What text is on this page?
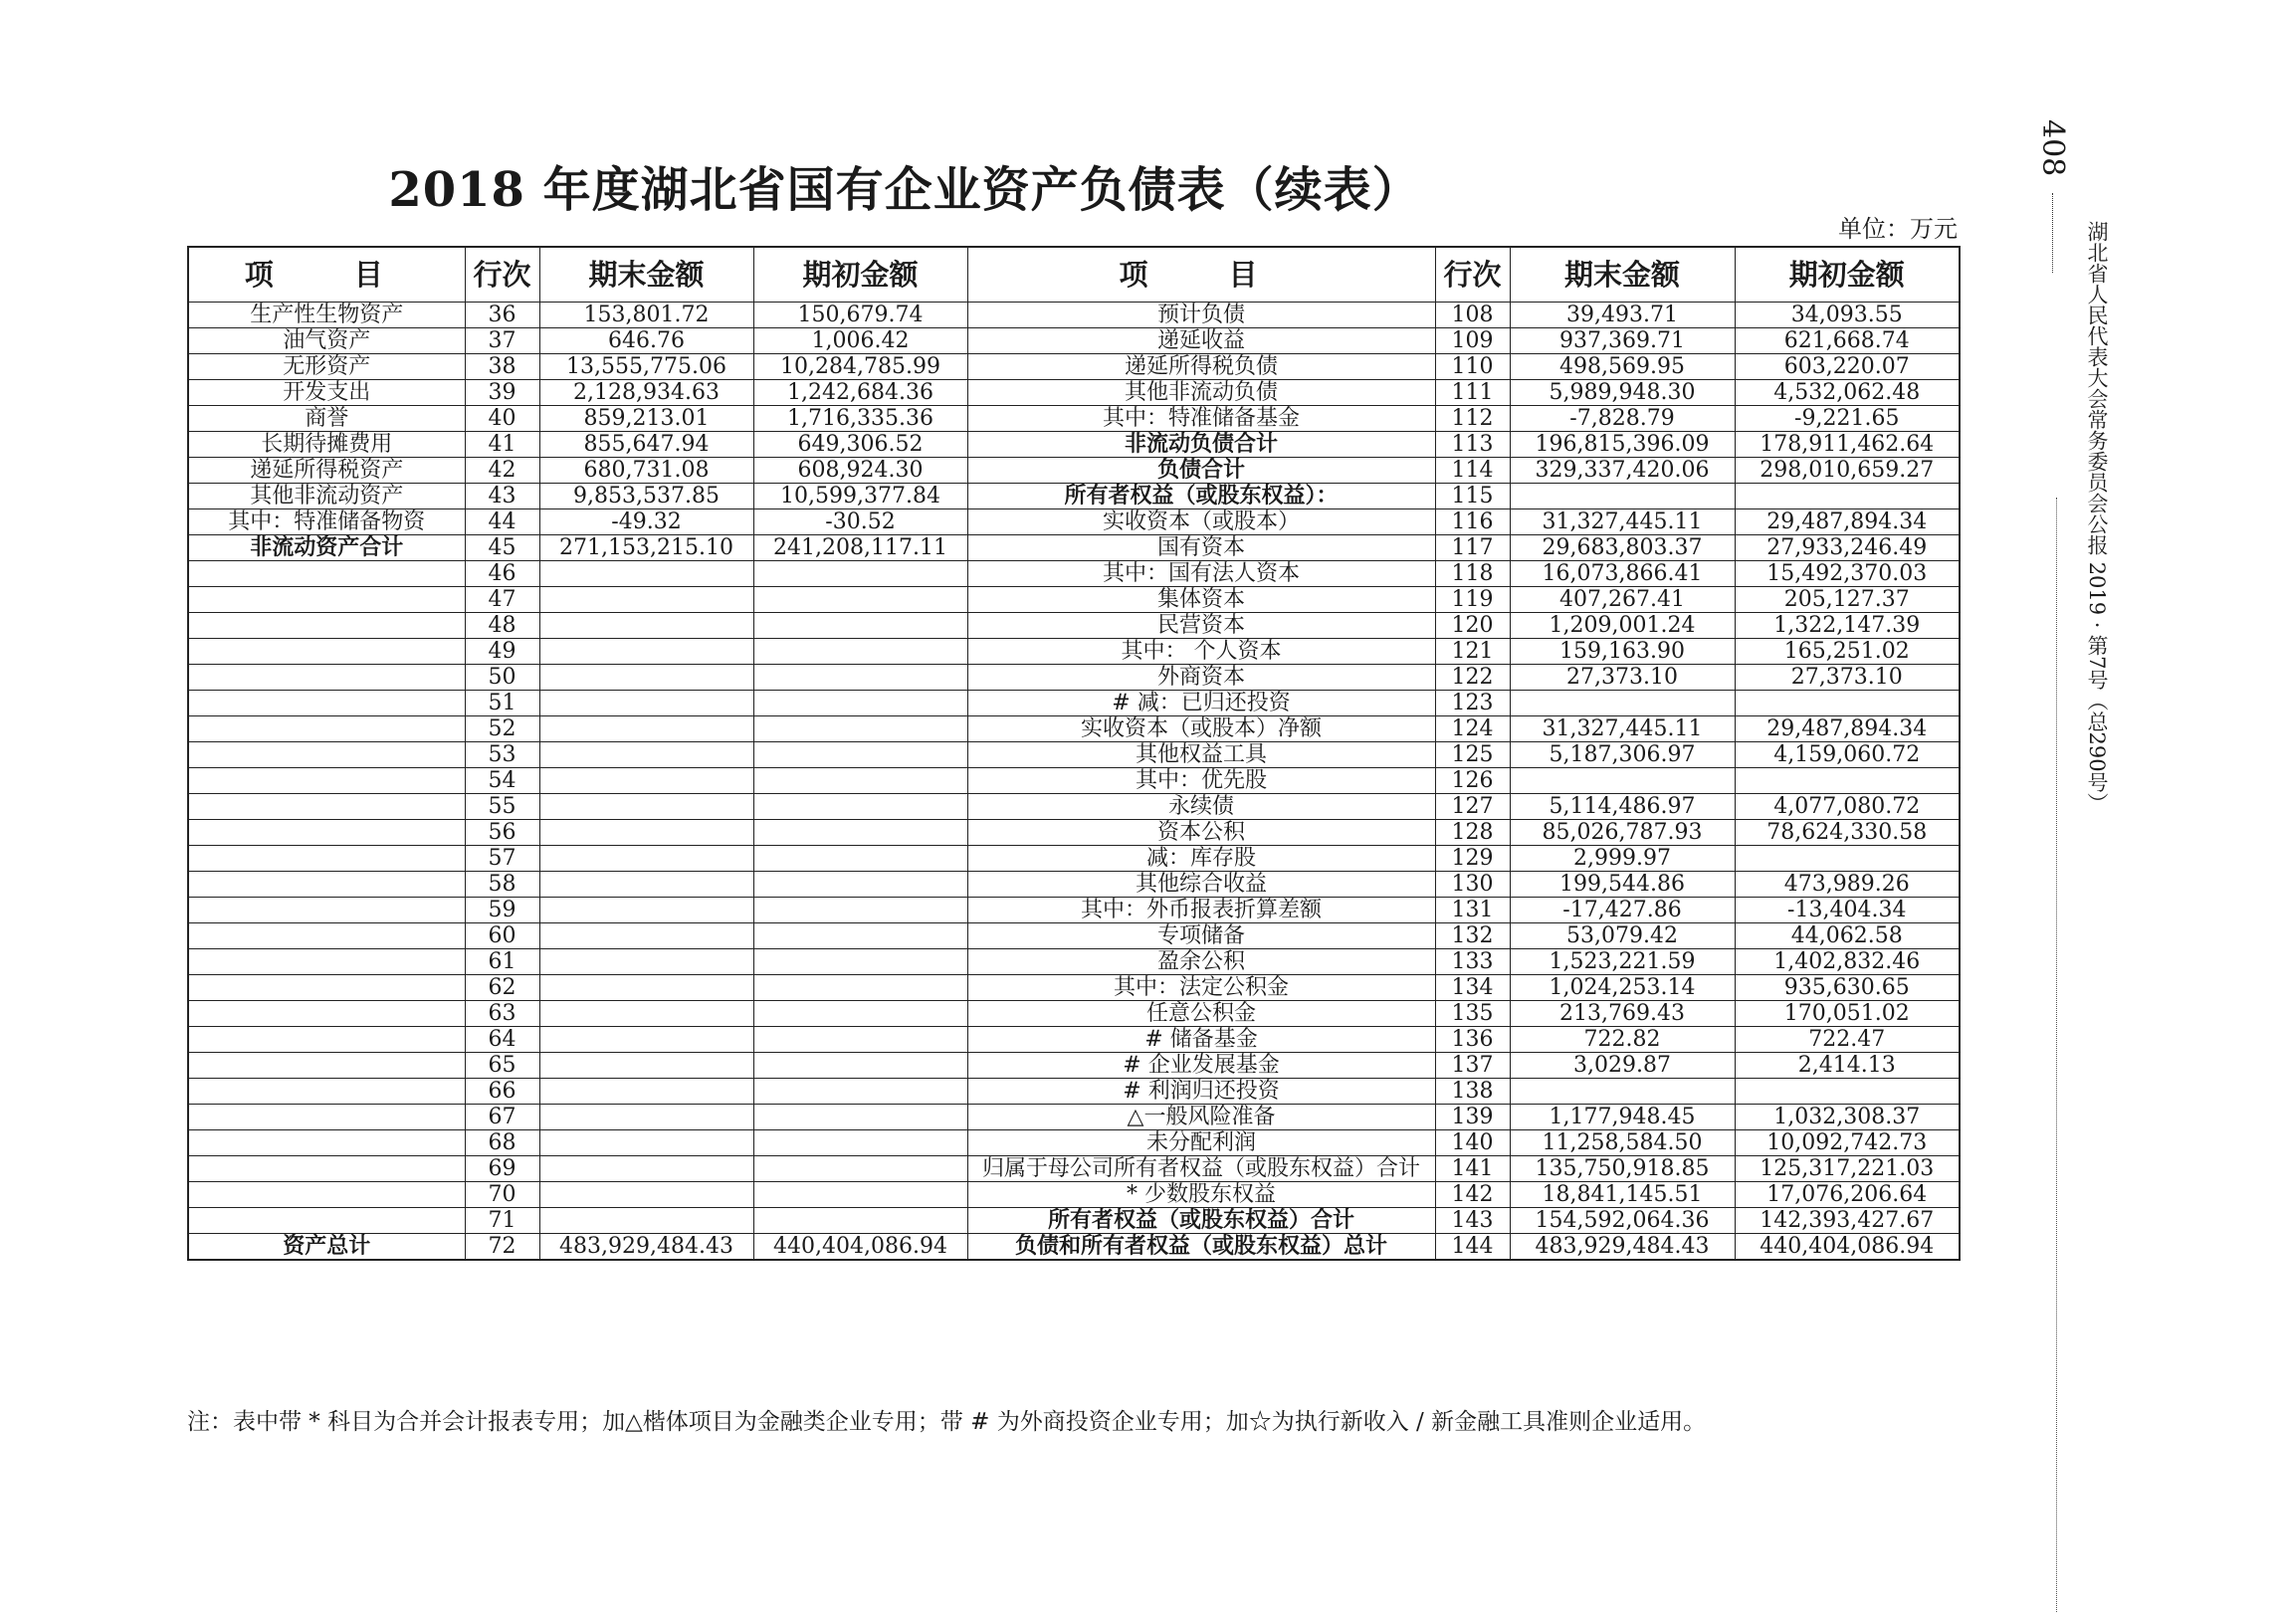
2018 年度湖北省国有企业资产负债表（续表）
单位：万元
408
湖北省人民代表大会常务委员会公报 2019 · 第7号（总290号）
项　目	行次	期末金额	期初金额	项　目	行次	期末金额	期初金额
生产性生物资产	36	153,801.72	150,679.74	预计负债	108	39,493.71	34,093.55
油气资产	37	646.76	1,006.42	递延收益	109	937,369.71	621,668.74
无形资产	38	13,555,775.06	10,284,785.99	递延所得税负债	110	498,569.95	603,220.07
开发支出	39	2,128,934.63	1,242,684.36	其他非流动负债	111	5,989,948.30	4,532,062.48
商誉	40	859,213.01	1,716,335.36	其中：特准储备基金	112	-7,828.79	-9,221.65
长期待摊费用	41	855,647.94	649,306.52	非流动负债合计	113	196,815,396.09	178,911,462.64
递延所得税资产	42	680,731.08	608,924.30	负债合计	114	329,337,420.06	298,010,659.27
其他非流动资产	43	9,853,537.85	10,599,377.84	所有者权益（或股东权益）：	115		
其中：特准储备物资	44	-49.32	-30.52	实收资本（或股本）	116	31,327,445.11	29,487,894.34
非流动资产合计	45	271,153,215.10	241,208,117.11	国有资本	117	29,683,803.37	27,933,246.49
	46			其中：国有法人资本	118	16,073,866.41	15,492,370.03
	47			集体资本	119	407,267.41	205,127.37
	48			民营资本	120	1,209,001.24	1,322,147.39
	49			其中： 个人资本	121	159,163.90	165,251.02
	50			外商资本	122	27,373.10	27,373.10
	51			# 减：已归还投资	123		
	52			实收资本（或股本）净额	124	31,327,445.11	29,487,894.34
	53			其他权益工具	125	5,187,306.97	4,159,060.72
	54			其中：优先股	126		
	55			永续债	127	5,114,486.97	4,077,080.72
	56			资本公积	128	85,026,787.93	78,624,330.58
	57			减：库存股	129	2,999.97	
	58			其他综合收益	130	199,544.86	473,989.26
	59			其中：外币报表折算差额	131	-17,427.86	-13,404.34
	60			专项储备	132	53,079.42	44,062.58
	61			盈余公积	133	1,523,221.59	1,402,832.46
	62			其中：法定公积金	134	1,024,253.14	935,630.65
	63			任意公积金	135	213,769.43	170,051.02
	64			# 储备基金	136	722.82	722.47
	65			# 企业发展基金	137	3,029.87	2,414.13
	66			# 利润归还投资	138		
	67			△一般风险准备	139	1,177,948.45	1,032,308.37
	68			未分配利润	140	11,258,584.50	10,092,742.73
	69			归属于母公司所有者权益（或股东权益）合计	141	135,750,918.85	125,317,221.03
	70			* 少数股东权益	142	18,841,145.51	17,076,206.64
	71			所有者权益（或股东权益）合计	143	154,592,064.36	142,393,427.67
资产总计	72	483,929,484.43	440,404,086.94	负债和所有者权益（或股东权益）总计	144	483,929,484.43	440,404,086.94
注：表中带 * 科目为合并会计报表专用；加△楷体项目为金融类企业专用；带 # 为外商投资企业专用；加☆为执行新收入 / 新金融工具准则企业适用。
